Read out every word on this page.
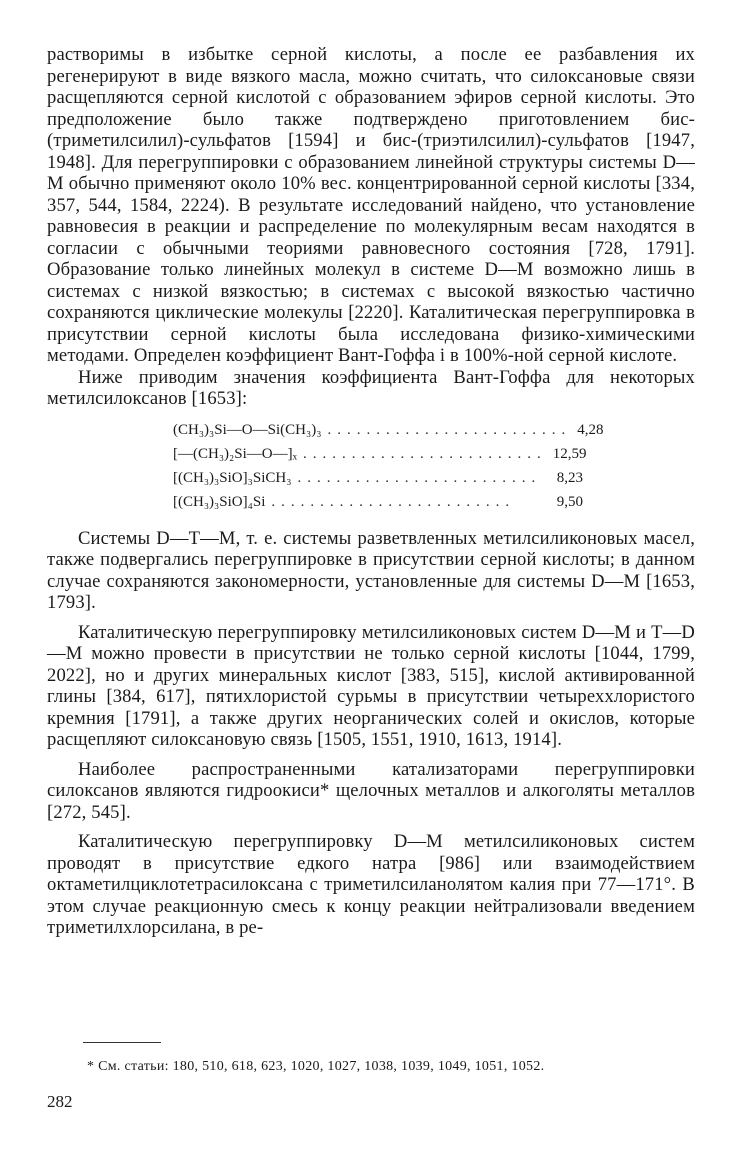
растворимы в избытке серной кислоты, а после ее разбавления их регенерируют в виде вязкого масла, можно считать, что силоксановые связи расщепляются серной кислотой с образованием эфиров серной кислоты. Это предположение было также подтверждено приготовлением бис-(триметилсилил)-сульфатов [1594] и бис-(триэтилсилил)-сульфатов [1947, 1948]. Для перегруппировки с образованием линейной структуры системы D—M обычно применяют около 10% вес. концентрированной серной кислоты [334, 357, 544, 1584, 2224). В результате исследований найдено, что установление равновесия в реакции и распределение по молекулярным весам находятся в согласии с обычными теориями равновесного состояния [728, 1791]. Образование только линейных молекул в системе D—M возможно лишь в системах с низкой вязкостью; в системах с высокой вязкостью частично сохраняются циклические молекулы [2220]. Каталитическая перегруппировка в присутствии серной кислоты была исследована физико-химическими методами. Определен коэффициент Вант-Гоффа i в 100%-ной серной кислоте.

Ниже приводим значения коэффициента Вант-Гоффа для некоторых метилсилоксанов [1653]:

(CH₃)₃Si—O—Si(CH₃)₃ ......................... 4,28
[—(CH₃)₂Si—O—]ₓ ......................... 12,59
[(CH₃)₃SiO]₃SiCH₃ .........................	8,23
[(CH₃)₃SiO]₄Si .........................	9,50

Системы D—T—M, т. е. системы разветвленных метилсиликоновых масел, также подвергались перегруппировке в присутствии серной кислоты; в данном случае сохраняются закономерности, установленные для системы D—M [1653, 1793].

Каталитическую перегруппировку метилсиликоновых систем D—M и T—D—M можно провести в присутствии не только серной кислоты [1044, 1799, 2022], но и других минеральных кислот [383, 515], кислой активированной глины [384, 617], пятихлористой сурьмы в присутствии четыреххлористого кремния [1791], а также других неорганических солей и окислов, которые расщепляют силоксановую связь [1505, 1551, 1910, 1613, 1914].

Наиболее распространенными катализаторами перегруппировки силоксанов являются гидроокиси* щелочных металлов и алкоголяты металлов [272, 545].

Каталитическую перегруппировку D—M метилсиликоновых систем проводят в присутствие едкого натра [986] или взаимодействием октаметилциклотетрасилоксана с триметилсиланолятом калия при 77—171°. В этом случае реакционную смесь к концу реакции нейтрализовали введением триметилхлорсилана, в ре-

* См. статьи: 180, 510, 618, 623, 1020, 1027, 1038, 1039, 1049, 1051, 1052.
282
